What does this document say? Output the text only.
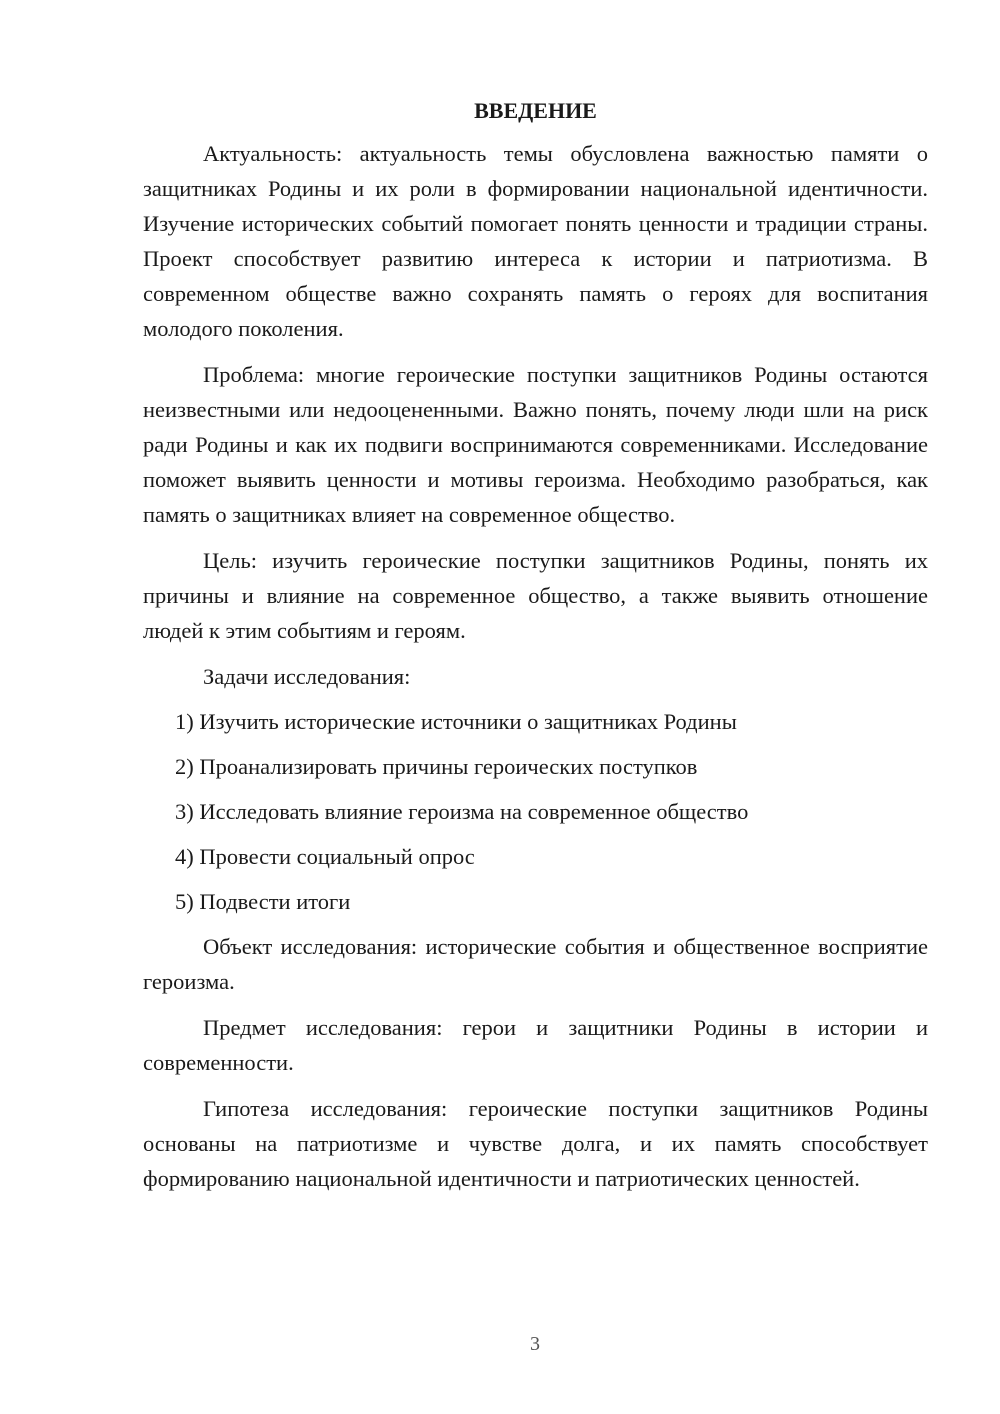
ВВЕДЕНИЕ

Актуальность: актуальность темы обусловлена важностью памяти о защитниках Родины и их роли в формировании национальной идентичности. Изучение исторических событий помогает понять ценности и традиции страны. Проект способствует развитию интереса к истории и патриотизма. В современном обществе важно сохранять память о героях для воспитания молодого поколения.

Проблема: многие героические поступки защитников Родины остаются неизвестными или недооцененными. Важно понять, почему люди шли на риск ради Родины и как их подвиги воспринимаются современниками. Исследование поможет выявить ценности и мотивы героизма. Необходимо разобраться, как память о защитниках влияет на современное общество.

Цель: изучить героические поступки защитников Родины, понять их причины и влияние на современное общество, а также выявить отношение людей к этим событиям и героям.

Задачи исследования:

1) Изучить исторические источники о защитниках Родины
2) Проанализировать причины героических поступков
3) Исследовать влияние героизма на современное общество
4) Провести социальный опрос
5) Подвести итоги

Объект исследования: исторические события и общественное восприятие героизма.

Предмет исследования: герои и защитники Родины в истории и современности.

Гипотеза исследования: героические поступки защитников Родины основаны на патриотизме и чувстве долга, и их память способствует формированию национальной идентичности и патриотических ценностей.

3
